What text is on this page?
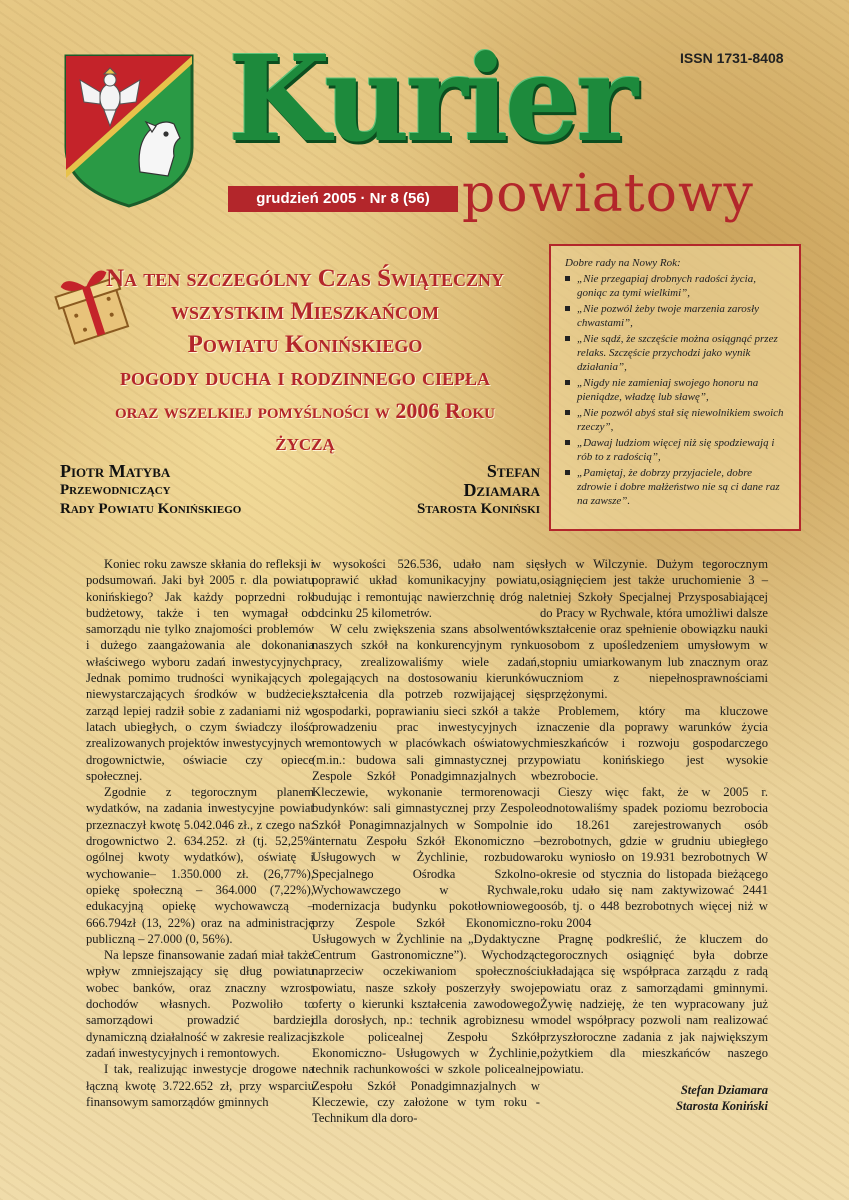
ISSN 1731-8408
Kurier
grudzień 2005 · Nr 8 (56) powiatowy
Na ten szczególny Czas Świąteczny
wszystkim Mieszkańcom
Powiatu Konińskiego
pogody ducha i rodzinnego ciepła
oraz wszelkiej pomyślności w 2006 Roku
życzą
Piotr Matyba
Przewodniczący
Rady Powiatu Konińskiego
Stefan Dziamara
Starosta Koniński
Dobre rady na Nowy Rok:
„Nie przegapiaj drobnych radości życia, goniąc za tymi wielkimi”,
„Nie pozwól żeby twoje marzenia zarosły chwastami”,
„Nie sądź, że szczęście można osiągnąć przez relaks. Szczęście przychodzi jako wynik działania”,
„Nigdy nie zamieniaj swojego honoru na pieniądze, władzę lub sławę”,
„Nie pozwól abyś stał się niewolnikiem swoich rzeczy”,
„Dawaj ludziom więcej niż się spodziewają i rób to z radością”,
„Pamiętaj, że dobrzy przyjaciele, dobre zdrowie i dobre małżeństwo nie są ci dane raz na zawsze”.

Koniec roku zawsze skłania do refleksji i podsumowań. Jaki był 2005 r. dla powiatu konińskiego? Jak każdy poprzedni rok budżetowy, także i ten wymagał od samorządu nie tylko znajomości problemów i dużego zaangażowania ale dokonania właściwego wyboru zadań inwestycyjnych. Jednak pomimo trudności wynikających z niewystarczających środków w budżecie, zarząd lepiej radził sobie z zadaniami niż w latach ubiegłych, o czym świadczy ilość zrealizowanych projektów inwestycyjnych w drogownictwie, oświacie czy opiece społecznej.

Zgodnie z tegorocznym planem wydatków, na zadania inwestycyjne powiat przeznaczył kwotę 5.042.046 zł., z czego na: drogownictwo 2. 634.252. zł (tj. 52,25% ogólnej kwoty wydatków), oświatę i wychowanie– 1.350.000 zł. (26,77%), opiekę społeczną – 364.000 (7,22%), edukacyjną opiekę wychowawczą –666.794zł (13, 22%) oraz na administrację publiczną – 27.000 (0, 56%).

Na lepsze finansowanie zadań miał także wpływ zmniejszający się dług powiatu wobec banków, oraz znaczny wzrost dochodów własnych. Pozwoliło to samorządowi prowadzić bardziej dynamiczną działalność w zakresie realizacji zadań inwestycyjnych i remontowych.

I tak, realizując inwestycje drogowe na łączną kwotę 3.722.652 zł, przy wsparciu finansowym samorządów gminnych

w wysokości 526.536, udało nam się poprawić układ komunikacyjny powiatu, budując i remontując nawierzchnię dróg na odcinku 25 kilometrów.

W celu zwiększenia szans absolwentów naszych szkół na konkurencyjnym rynku pracy, zrealizowaliśmy wiele zadań, polegających na dostosowaniu kierunków kształcenia dla potrzeb rozwijającej się gospodarki, poprawianiu sieci szkół a także prowadzeniu prac inwestycyjnych i remontowych w placówkach oświatowych (m.in.: budowa sali gimnastycznej przy Zespole Szkół Ponadgimnazjalnych w Kleczewie, wykonanie termorenowacji budynków: sali gimnastycznej przy Zespole Szkół Ponagimnazjalnych w Sompolnie i internatu Zespołu Szkół Ekonomiczno – Usługowych w Żychlinie, rozbudowa Specjalnego Ośrodka Szkolno-Wychowawczego w Rychwale, modernizacja budynku pokotłowniowego przy Zespole Szkół Ekonomiczno-Usługowych w Żychlinie na „Dydaktyczne Centrum Gastronomiczne”). Wychodząc naprzeciw oczekiwaniom społeczności powiatu, nasze szkoły poszerzyły swoje oferty o kierunki kształcenia zawodowego dla dorosłych, np.: technik agrobiznesu w szkole policealnej Zespołu Szkół Ekonomiczno- Usługowych w Żychlinie, technik rachunkowości w szkole policealnej Zespołu Szkół Ponadgimnazjalnych w Kleczewie, czy założone w tym roku - Technikum dla doro-

słych w Wilczynie. Dużym tegorocznym osiągnięciem jest także uruchomienie 3 – letniej Szkoły Specjalnej Przysposabiającej do Pracy w Rychwale, która umożliwi dalsze kształcenie oraz spełnienie obowiązku nauki osobom z upośledzeniem umysłowym w stopniu umiarkowanym lub znacznym oraz uczniom z niepełnosprawnościami sprzężonymi.

Problemem, który ma kluczowe znaczenie dla poprawy warunków życia mieszkańców i rozwoju gospodarczego powiatu konińskiego jest wysokie bezrobocie.

Cieszy więc fakt, że w 2005 r. odnotowaliśmy spadek poziomu bezrobocia do 18.261 zarejestrowanych osób bezrobotnych, gdzie w grudniu ubiegłego roku wyniosło on 19.931 bezrobotnych W okresie od stycznia do listopada bieżącego roku udało się nam zaktywizować 2441 osób, tj. o 448 bezrobotnych więcej niż w roku 2004

Pragnę podkreślić, że kluczem do tegorocznych osiągnięć była dobrze układająca się współpraca zarządu z radą powiatu oraz z samorządami gminnymi. Żywię nadzieję, że ten wypracowany już model współpracy pozwoli nam realizować przyszłoroczne zadania z jak największym pożytkiem dla mieszkańców naszego powiatu.

Stefan Dziamara
Starosta Koniński
